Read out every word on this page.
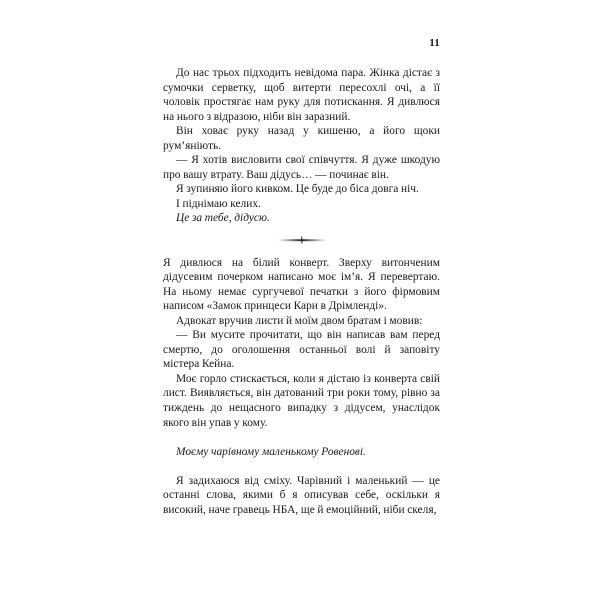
11

До нас трьох підходить невідома пара. Жінка дістає з сумочки серветку, щоб витерти пересохлі очі, а її чоловік простягає нам руку для потискання. Я дивлюся на нього з відразою, ніби він заразний.

Він ховає руку назад у кишеню, а його щоки рум’яніють.

— Я хотів висловити свої співчуття. Я дуже шкодую про вашу втрату. Ваш дідусь… — починає він.

Я зупиняю його кивком. Це буде до біса довга ніч.

І піднімаю келих.

Це за тебе, дідусю.

Я дивлюся на білий конверт. Зверху витонченим дідусевим почерком написано моє ім’я. Я перевертаю. На ньому немає сургучевої печатки з його фірмовим написом «Замок принцеси Кари в Дрімленді».

Адвокат вручив листи й моїм двом братам і мовив:

— Ви мусите прочитати, що він написав вам перед смертю, до оголошення останньої волі й заповіту містера Кейна.

Моє горло стискається, коли я дістаю із конверта свій лист. Виявляється, він датований три роки тому, рівно за тиждень до нещасного випадку з дідусем, унаслідок якого він упав у кому.

Моєму чарівному маленькому Ровенові.

Я задихаюся від сміху. Чарівний і маленький — це останні слова, якими б я описував себе, оскільки я високий, наче гравець НБА, ще й емоційний, ніби скеля,
